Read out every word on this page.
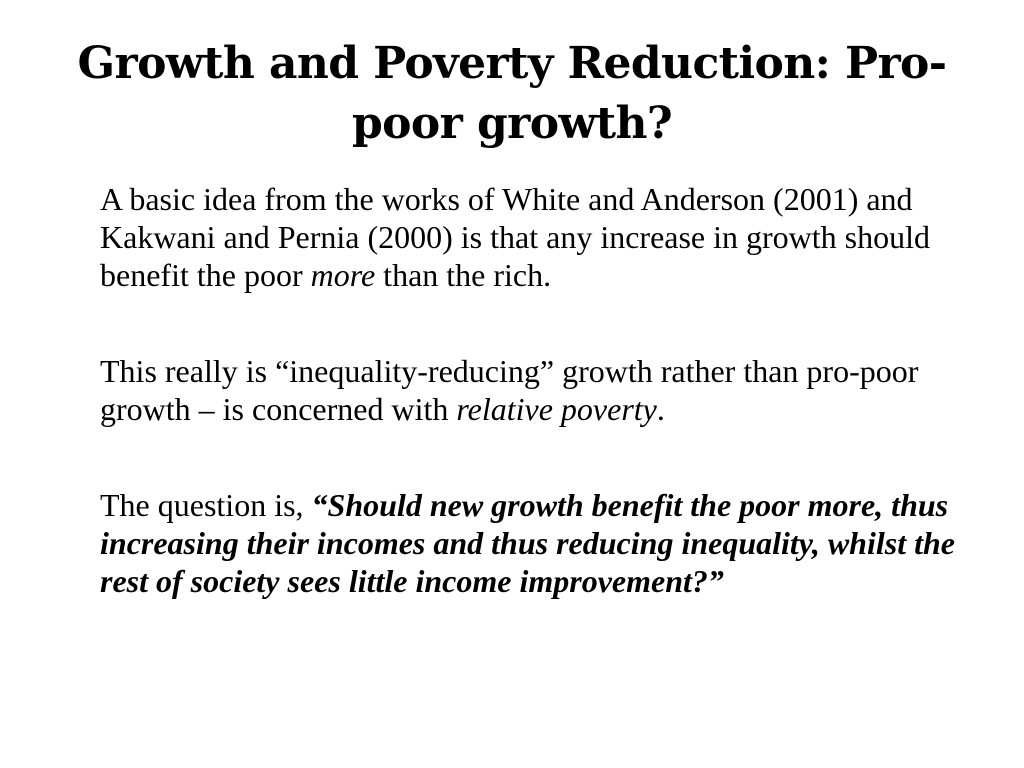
Growth and Poverty Reduction: Pro-poor growth?

A basic idea from the works of White and Anderson (2001) and Kakwani and Pernia (2000) is that any increase in growth should benefit the poor more than the rich.

This really is “inequality-reducing” growth rather than pro-poor growth – is concerned with relative poverty.

The question is, “Should new growth benefit the poor more, thus increasing their incomes and thus reducing inequality, whilst the rest of society sees little income improvement?”
